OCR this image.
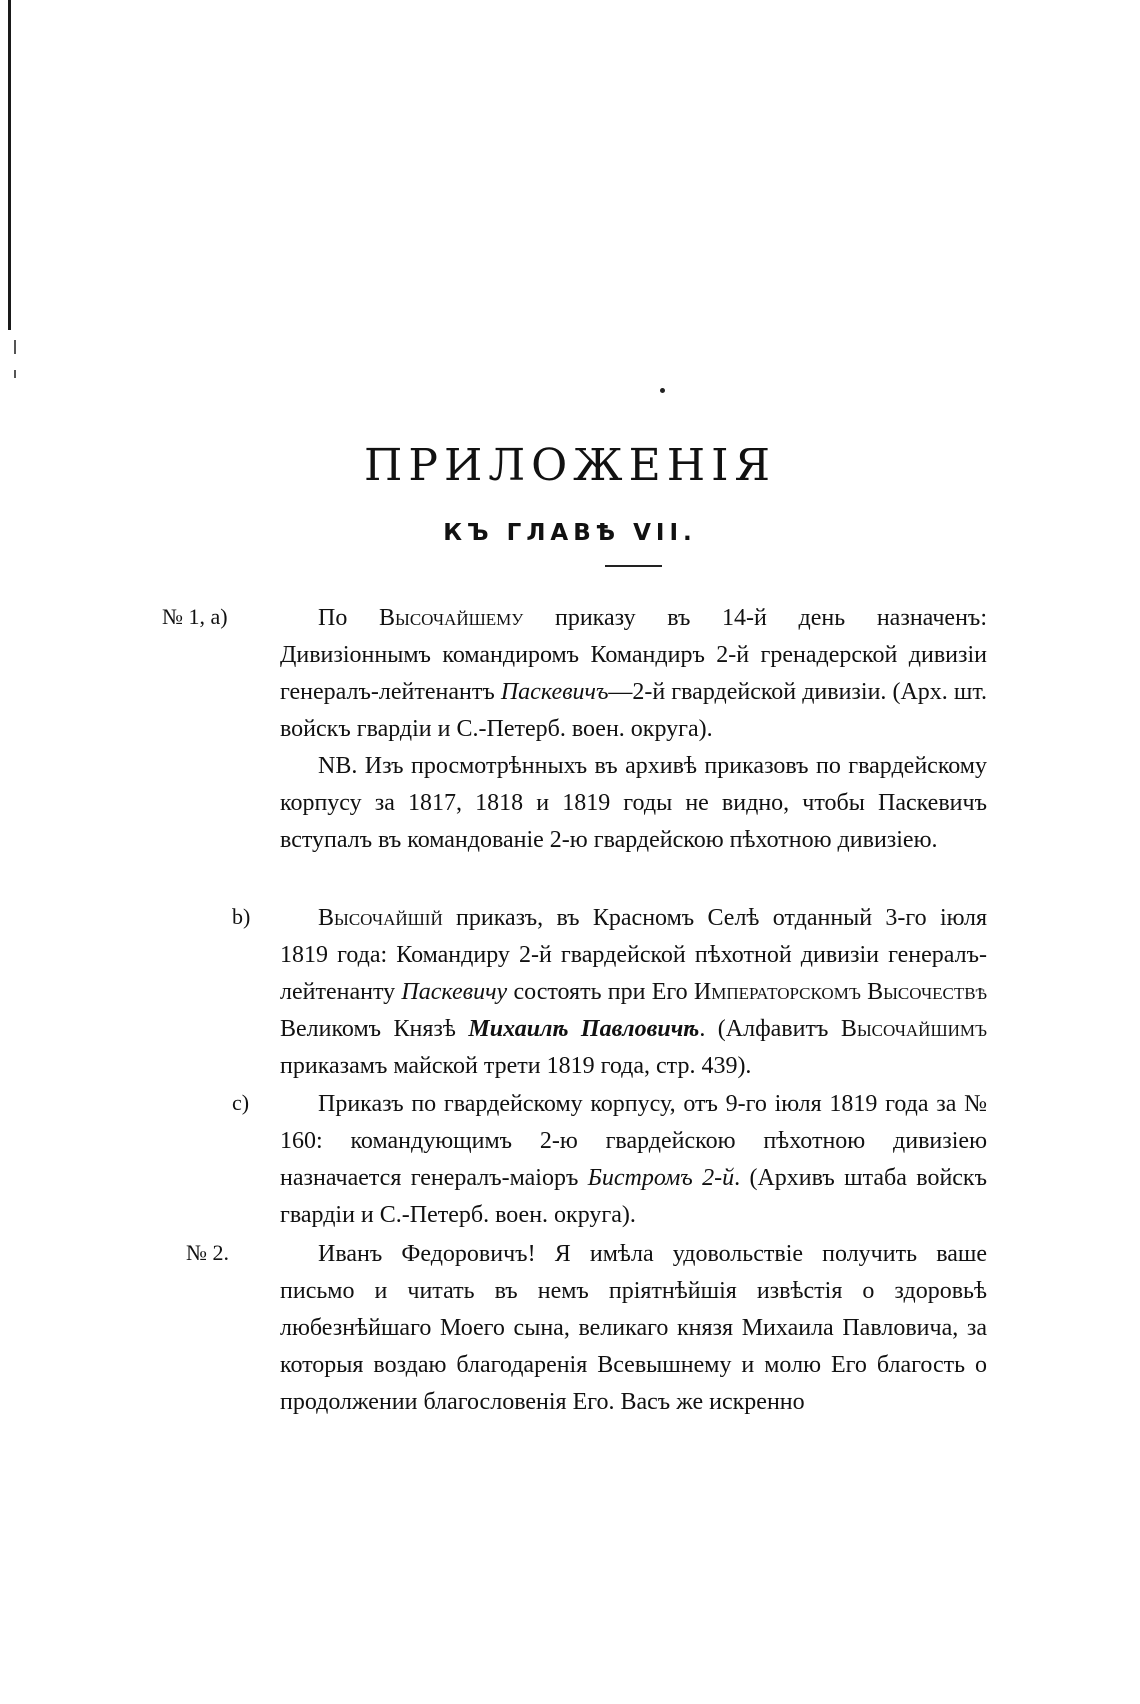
ПРИЛОЖЕНІЯ
КЪ ГЛАВѢ VII.
№ 1, а)	По Высочайшему приказу въ 14-й день назначенъ: Дивизіоннымъ командиромъ Командиръ 2-й гренадерской дивизіи генералъ-лейтенантъ Паскевичъ—2-й гвардейской дивизіи. (Арх. шт. войскъ гвардіи и С.-Петерб. воен. округа).

NB. Изъ просмотрѣнныхъ въ архивѣ приказовъ по гвардейскому корпусу за 1817, 1818 и 1819 годы не видно, чтобы Паскевичъ вступалъ въ командованіе 2-ю гвардейскою пѣхотною дивизіею.

b)	Высочайшій приказъ, въ Красномъ Селѣ отданный 3-го іюля 1819 года: Командиру 2-й гвардейской пѣхотной дивизіи генералъ-лейтенанту Паскевичу состоять при Его Императорскомъ Высочествѣ Великомъ Князѣ Михаилѣ Павловичѣ. (Алфавитъ Высочайшимъ приказамъ майской трети 1819 года, стр. 439).

c)	Приказъ по гвардейскому корпусу, отъ 9-го іюля 1819 года за № 160: командующимъ 2-ю гвардейскою пѣхотною дивизіею назначается генералъ-маіоръ Бистромъ 2-й. (Архивъ штаба войскъ гвардіи и С.-Петерб. воен. округа).

№ 2.	Иванъ Федоровичъ! Я имѣла удовольствіе получить ваше письмо и читать въ немъ пріятнѣйшія извѣстія о здоровьѣ любезнѣйшаго Моего сына, великаго князя Михаила Павловича, за которыя воздаю благодаренія Всевышнему и молю Его благость о продолжении благословенія Его. Васъ же искренно
